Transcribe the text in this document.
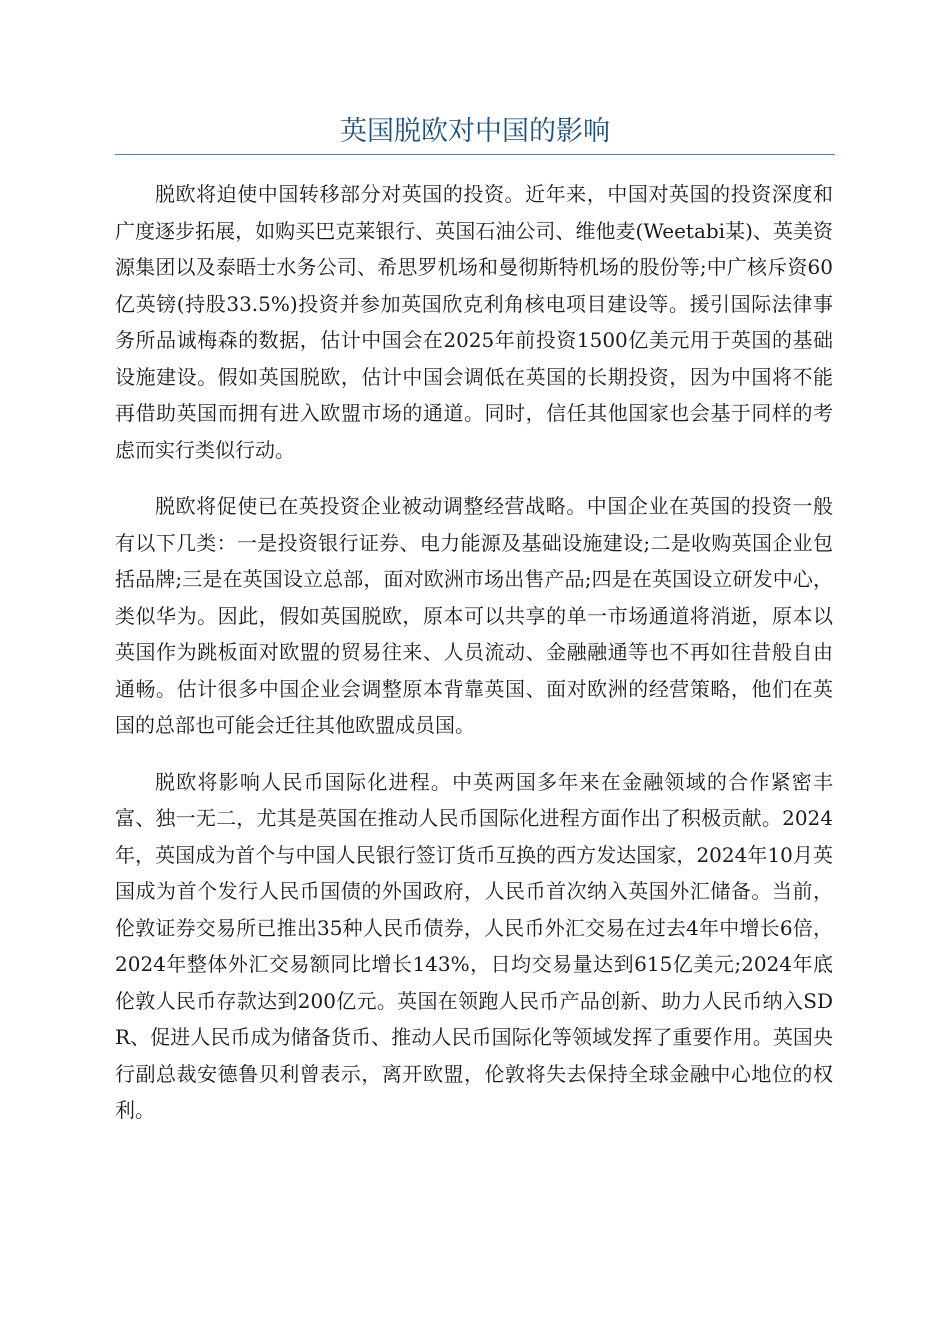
英国脱欧对中国的影响

脱欧将迫使中国转移部分对英国的投资。近年来，中国对英国的投资深度和广度逐步拓展，如购买巴克莱银行、英国石油公司、维他麦(Weetabi某)、英美资源集团以及泰晤士水务公司、希思罗机场和曼彻斯特机场的股份等;中广核斥资60亿英镑(持股33.5%)投资并参加英国欣克利角核电项目建设等。援引国际法律事务所品诚梅森的数据，估计中国会在2025年前投资1500亿美元用于英国的基础设施建设。假如英国脱欧，估计中国会调低在英国的长期投资，因为中国将不能再借助英国而拥有进入欧盟市场的通道。同时，信任其他国家也会基于同样的考虑而实行类似行动。

脱欧将促使已在英投资企业被动调整经营战略。中国企业在英国的投资一般有以下几类：一是投资银行证券、电力能源及基础设施建设;二是收购英国企业包括品牌;三是在英国设立总部，面对欧洲市场出售产品;四是在英国设立研发中心，类似华为。因此，假如英国脱欧，原本可以共享的单一市场通道将消逝，原本以英国作为跳板面对欧盟的贸易往来、人员流动、金融融通等也不再如往昔般自由通畅。估计很多中国企业会调整原本背靠英国、面对欧洲的经营策略，他们在英国的总部也可能会迁往其他欧盟成员国。

脱欧将影响人民币国际化进程。中英两国多年来在金融领域的合作紧密丰富、独一无二，尤其是英国在推动人民币国际化进程方面作出了积极贡献。2024年，英国成为首个与中国人民银行签订货币互换的西方发达国家，2024年10月英国成为首个发行人民币国债的外国政府，人民币首次纳入英国外汇储备。当前，伦敦证券交易所已推出35种人民币债券，人民币外汇交易在过去4年中增长6倍，2024年整体外汇交易额同比增长143%，日均交易量达到615亿美元;2024年底伦敦人民币存款达到200亿元。英国在领跑人民币产品创新、助力人民币纳入SDR、促进人民币成为储备货币、推动人民币国际化等领域发挥了重要作用。英国央行副总裁安德鲁贝利曾表示，离开欧盟，伦敦将失去保持全球金融中心地位的权利。
